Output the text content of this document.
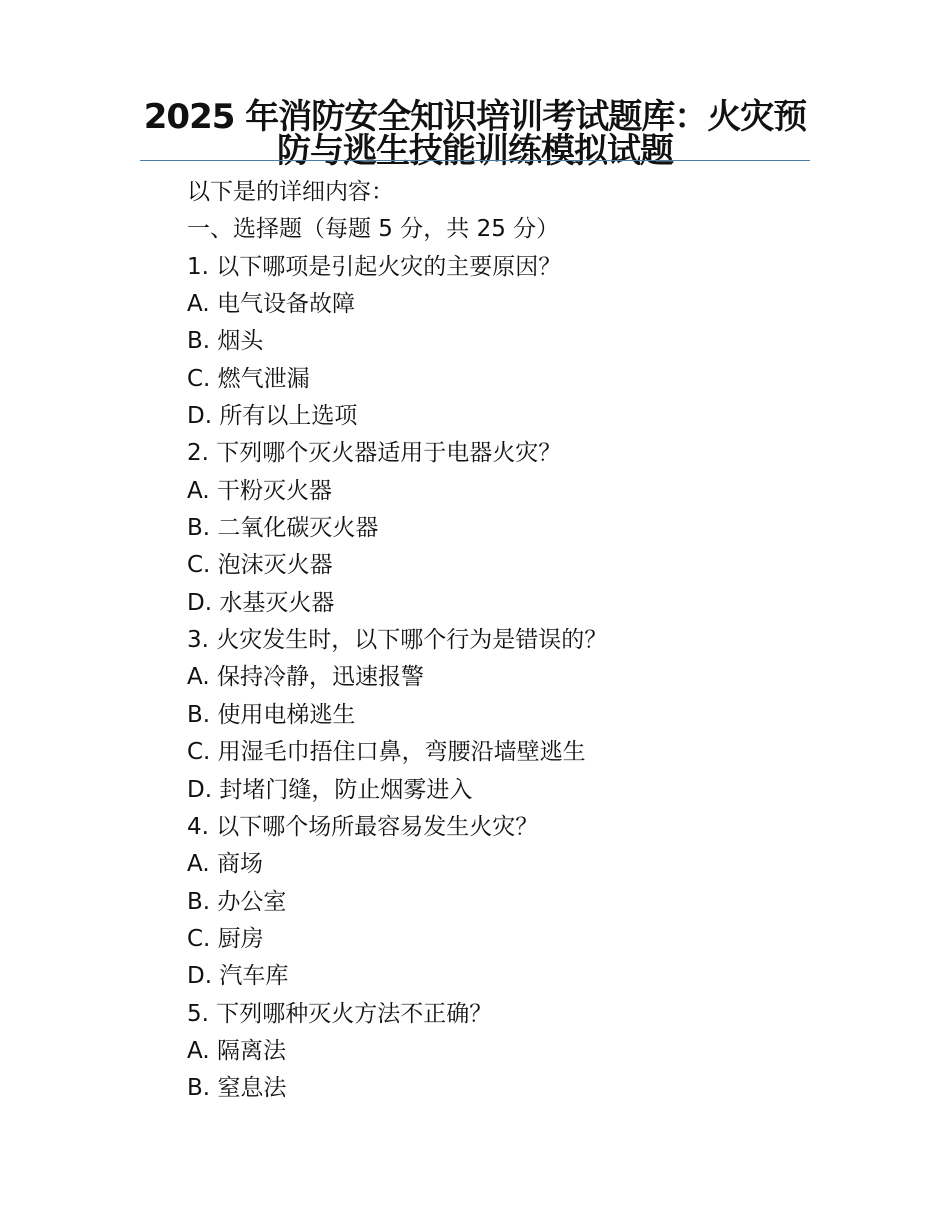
2025 年消防安全知识培训考试题库：火灾预防与逃生技能训练模拟试题
以下是的详细内容：
一、选择题（每题 5 分，共 25 分）
1. 以下哪项是引起火灾的主要原因？
A. 电气设备故障
B. 烟头
C. 燃气泄漏
D. 所有以上选项
2. 下列哪个灭火器适用于电器火灾？
A. 干粉灭火器
B. 二氧化碳灭火器
C. 泡沫灭火器
D. 水基灭火器
3. 火灾发生时，以下哪个行为是错误的？
A. 保持冷静，迅速报警
B. 使用电梯逃生
C. 用湿毛巾捂住口鼻，弯腰沿墙壁逃生
D. 封堵门缝，防止烟雾进入
4. 以下哪个场所最容易发生火灾？
A. 商场
B. 办公室
C. 厨房
D. 汽车库
5. 下列哪种灭火方法不正确？
A. 隔离法
B. 窒息法
